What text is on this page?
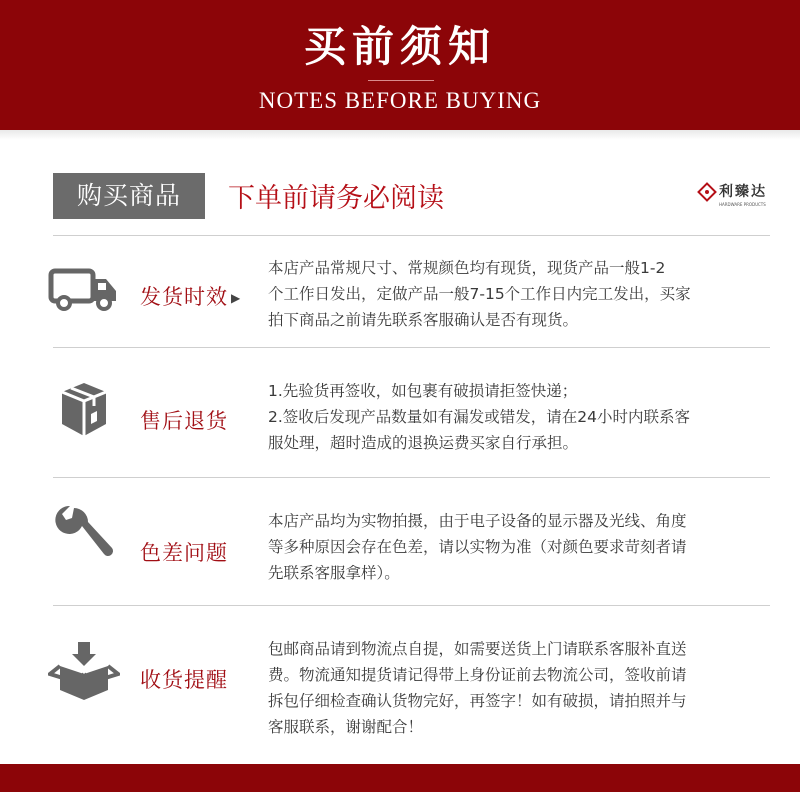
买前须知
NOTES BEFORE BUYING
购买商品	下单前请务必阅读	利臻达
HARDWARE PRODUCTS
发货时效 ▶
本店产品常规尺寸、常规颜色均有现货，现货产品一般1-2
个工作日发出，定做产品一般7-15个工作日内完工发出，买家
拍下商品之前请先联系客服确认是否有现货。
售后退货
1.先验货再签收，如包裹有破损请拒签快递；
2.签收后发现产品数量如有漏发或错发，请在24小时内联系客
服处理，超时造成的退换运费买家自行承担。
色差问题
本店产品均为实物拍摄，由于电子设备的显示器及光线、角度
等多种原因会存在色差，请以实物为准（对颜色要求苛刻者请
先联系客服拿样）。
收货提醒
包邮商品请到物流点自提，如需要送货上门请联系客服补直送
费。物流通知提货请记得带上身份证前去物流公司，签收前请
拆包仔细检查确认货物完好，再签字！如有破损，请拍照并与
客服联系，谢谢配合！
